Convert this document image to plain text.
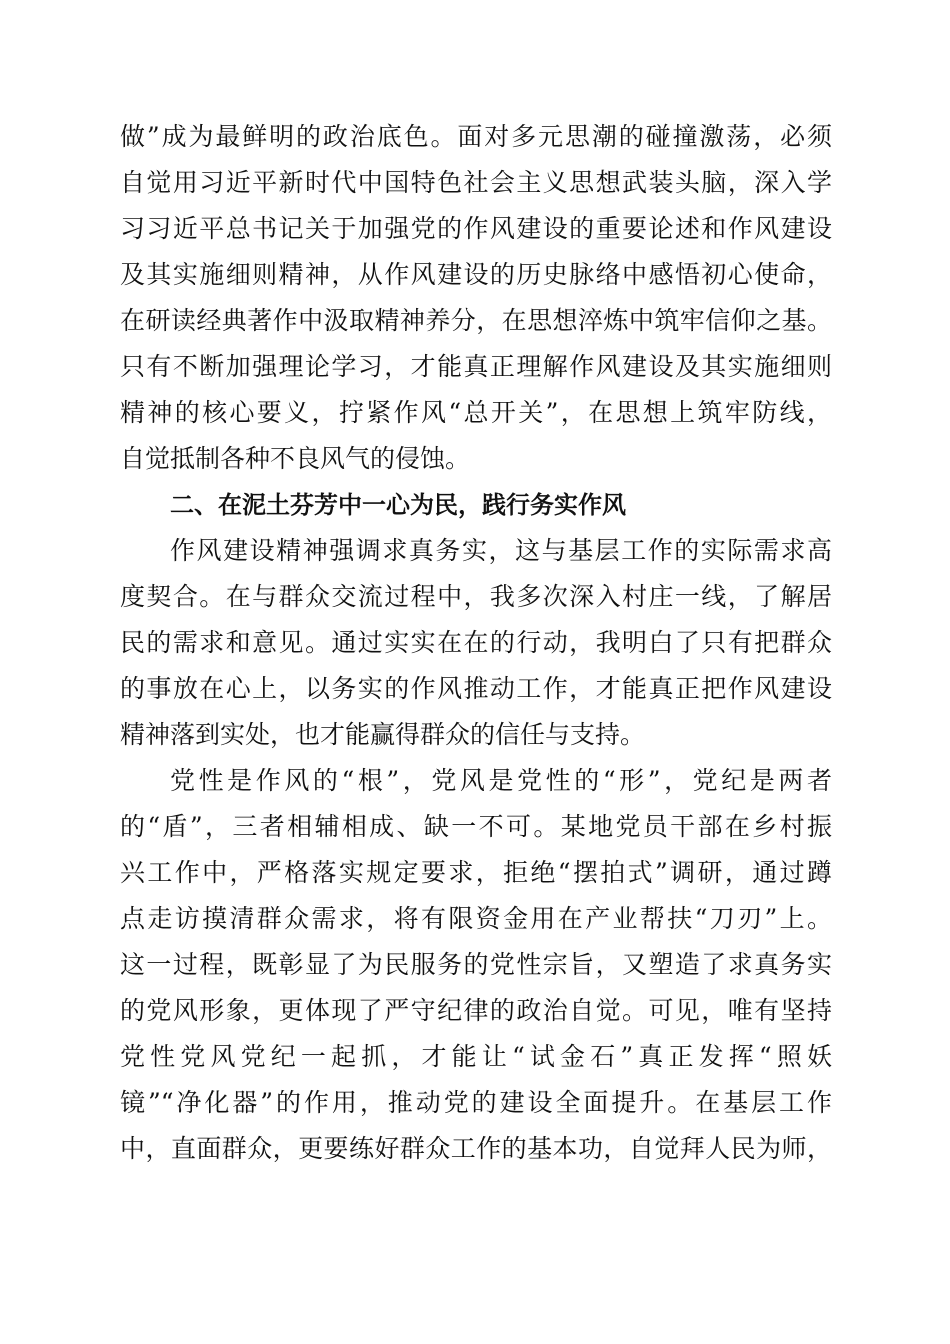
做”成为最鲜明的政治底色。面对多元思潮的碰撞激荡，必须
自觉用习近平新时代中国特色社会主义思想武装头脑，深入学
习习近平总书记关于加强党的作风建设的重要论述和作风建设
及其实施细则精神，从作风建设的历史脉络中感悟初心使命，
在研读经典著作中汲取精神养分，在思想淬炼中筑牢信仰之基。
只有不断加强理论学习，才能真正理解作风建设及其实施细则
精神的核心要义，拧紧作风“总开关”，在思想上筑牢防线，
自觉抵制各种不良风气的侵蚀。
二、在泥土芬芳中一心为民，践行务实作风
作风建设精神强调求真务实，这与基层工作的实际需求高
度契合。在与群众交流过程中，我多次深入村庄一线，了解居
民的需求和意见。通过实实在在的行动，我明白了只有把群众
的事放在心上，以务实的作风推动工作，才能真正把作风建设
精神落到实处，也才能赢得群众的信任与支持。
党性是作风的“根”，党风是党性的“形”，党纪是两者
的“盾”，三者相辅相成、缺一不可。某地党员干部在乡村振
兴工作中，严格落实规定要求，拒绝“摆拍式”调研，通过蹲
点走访摸清群众需求，将有限资金用在产业帮扶“刀刃”上。
这一过程，既彰显了为民服务的党性宗旨，又塑造了求真务实
的党风形象，更体现了严守纪律的政治自觉。可见，唯有坚持
党性党风党纪一起抓，才能让“试金石”真正发挥“照妖
镜”“净化器”的作用，推动党的建设全面提升。在基层工作
中，直面群众，更要练好群众工作的基本功，自觉拜人民为师，
